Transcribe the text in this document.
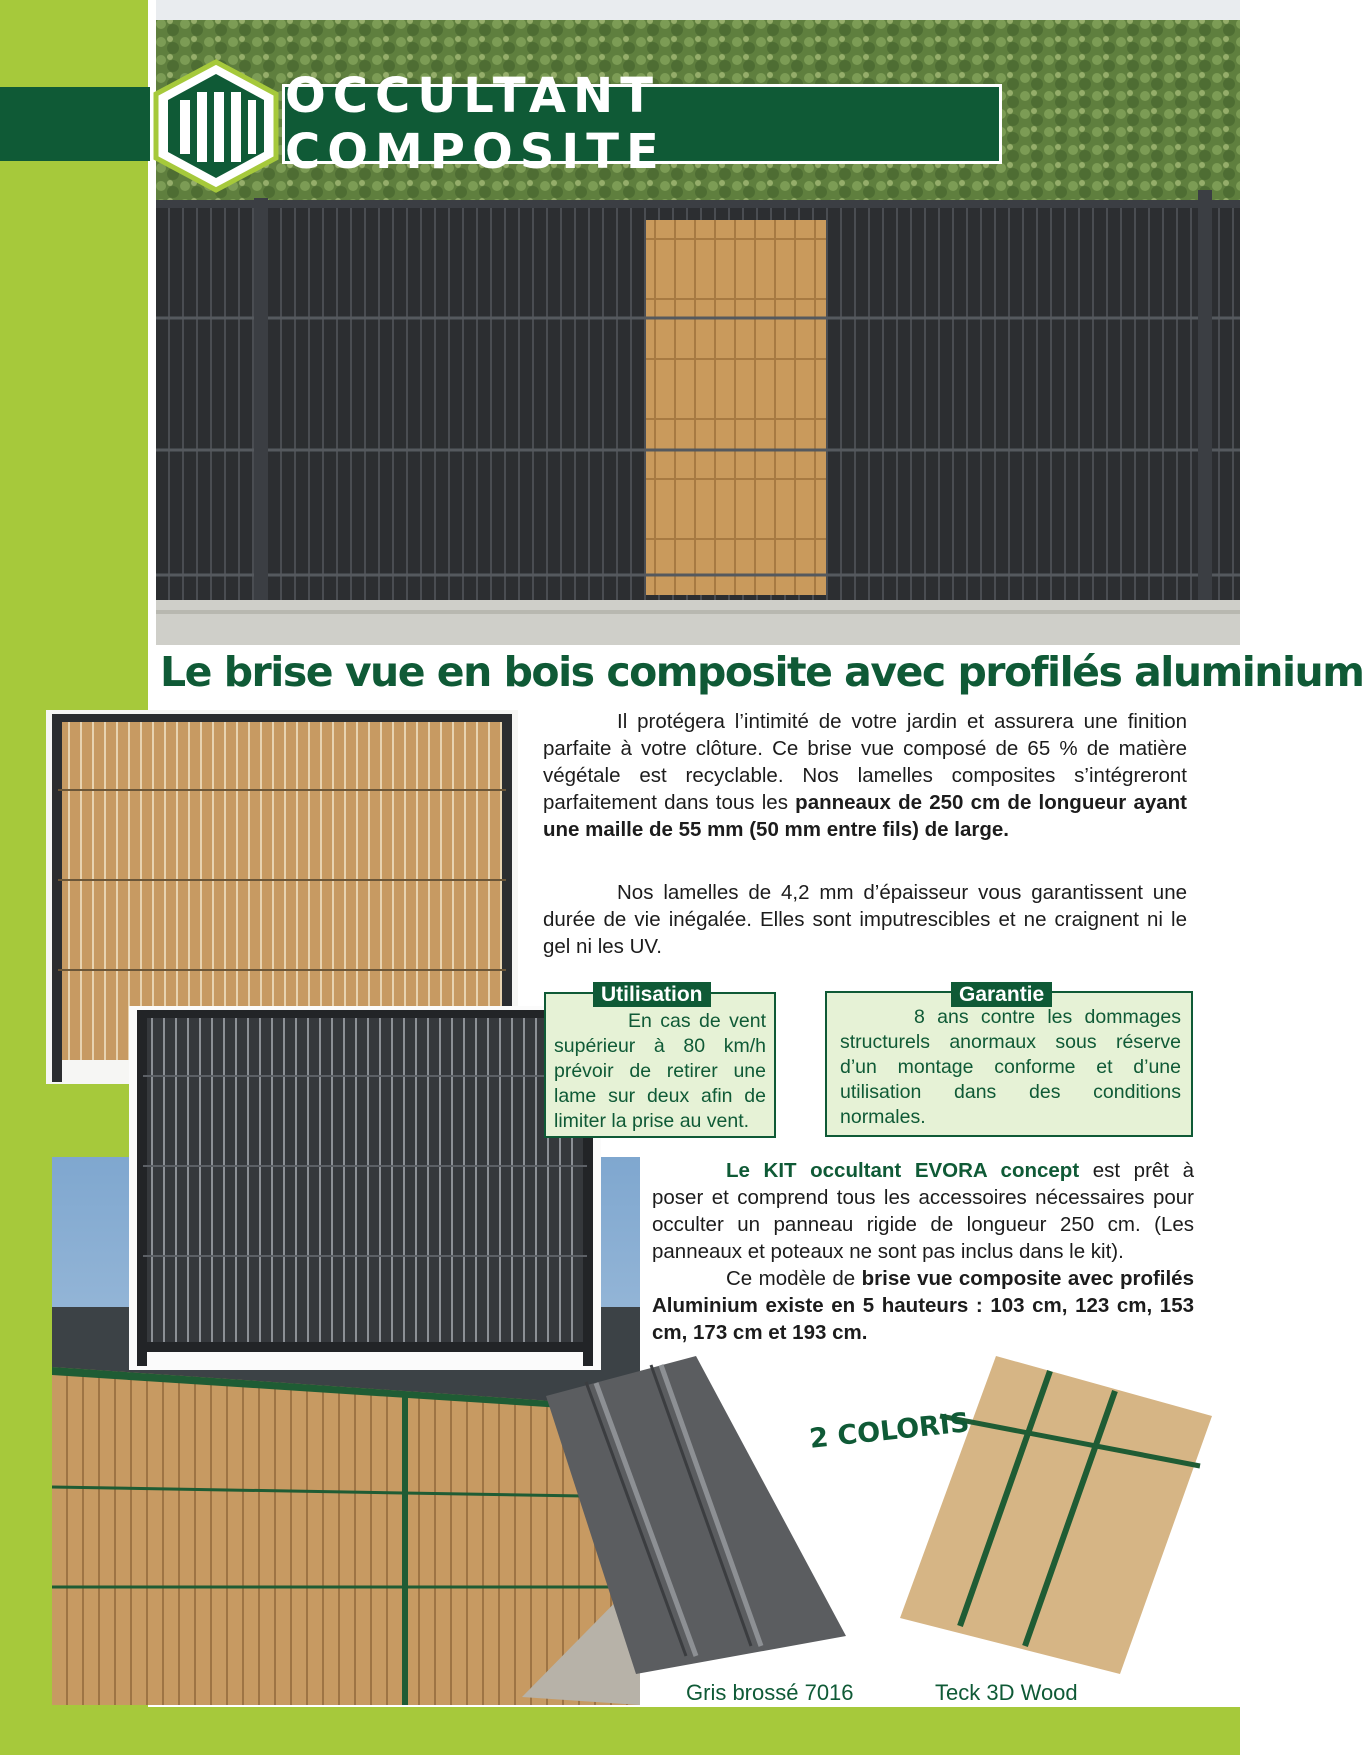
OCCULTANT COMPOSITE
Le brise vue en bois composite avec profilés aluminium
Il protégera l’intimité de votre jardin et assurera une finition parfaite à votre clôture. Ce brise vue composé de 65 % de matière végétale est recyclable. Nos lamelles composites s’intégreront parfaitement dans tous les panneaux de 250 cm de longueur ayant une maille de 55 mm (50 mm entre fils) de large.
Nos lamelles de 4,2 mm d’épaisseur vous garantissent une durée de vie inégalée. Elles sont imputrescibles et ne craignent ni le gel ni les UV.
Utilisation
En cas de vent supérieur à 80 km/h prévoir de retirer une lame sur deux afin de limiter la prise au vent.
Garantie
8 ans contre les dommages structurels anormaux sous réserve d’un montage conforme et d’une utilisation dans des conditions normales.
Le KIT occultant EVORA concept est prêt à poser et comprend tous les accessoires nécessaires pour occulter un panneau rigide de longueur 250 cm. (Les panneaux et poteaux ne sont pas inclus dans le kit).
Ce modèle de brise vue composite avec profilés Aluminium existe en 5 hauteurs : 103 cm, 123 cm, 153 cm, 173 cm et 193 cm.
2 COLORIS
Gris brossé 7016	Teck 3D Wood
